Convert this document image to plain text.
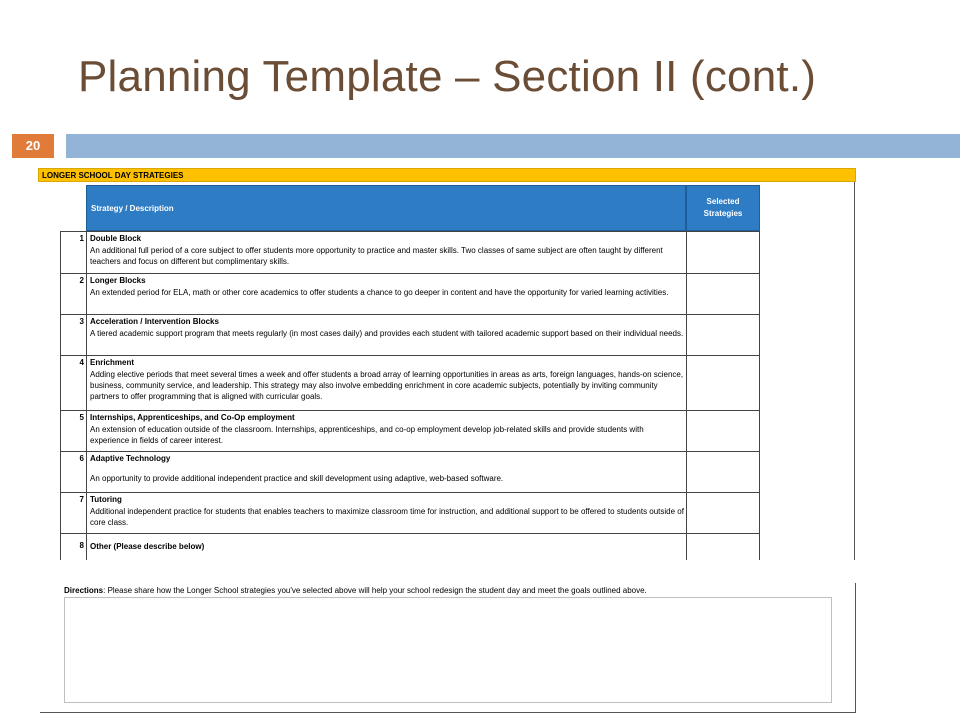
Planning Template – Section II (cont.)
20
LONGER SCHOOL DAY STRATEGIES
Strategy / Description
Selected
Strategies
1 Double Block
An additional full period of a core subject to offer students more opportunity to practice and master skills. Two classes of same subject are often taught by different teachers and focus on different but complimentary skills.
2 Longer Blocks
An extended period for ELA, math or other core academics to offer students a chance to go deeper in content and have the opportunity for varied learning activities.
3 Acceleration / Intervention Blocks
A tiered academic support program that meets regularly (in most cases daily) and provides each student with tailored academic support based on their individual needs.
4 Enrichment
Adding elective periods that meet several times a week and offer students a broad array of learning opportunities in areas as arts, foreign languages, hands-on science, business, community service, and leadership. This strategy may also involve embedding enrichment in core academic subjects, potentially by inviting community partners to offer programming that is aligned with curricular goals.
5 Internships, Apprenticeships, and Co-Op employment
An extension of education outside of the classroom. Internships, apprenticeships, and co-op employment develop job-related skills and provide students with experience in fields of career interest.
6 Adaptive Technology
An opportunity to provide additional independent practice and skill development using adaptive, web-based software.
7 Tutoring
Additional independent practice for students that enables teachers to maximize classroom time for instruction, and additional support to be offered to students outside of core class.
8 Other (Please describe below)
Directions: Please share how the Longer School strategies you've selected above will help your school redesign the student day and meet the goals outlined above.
